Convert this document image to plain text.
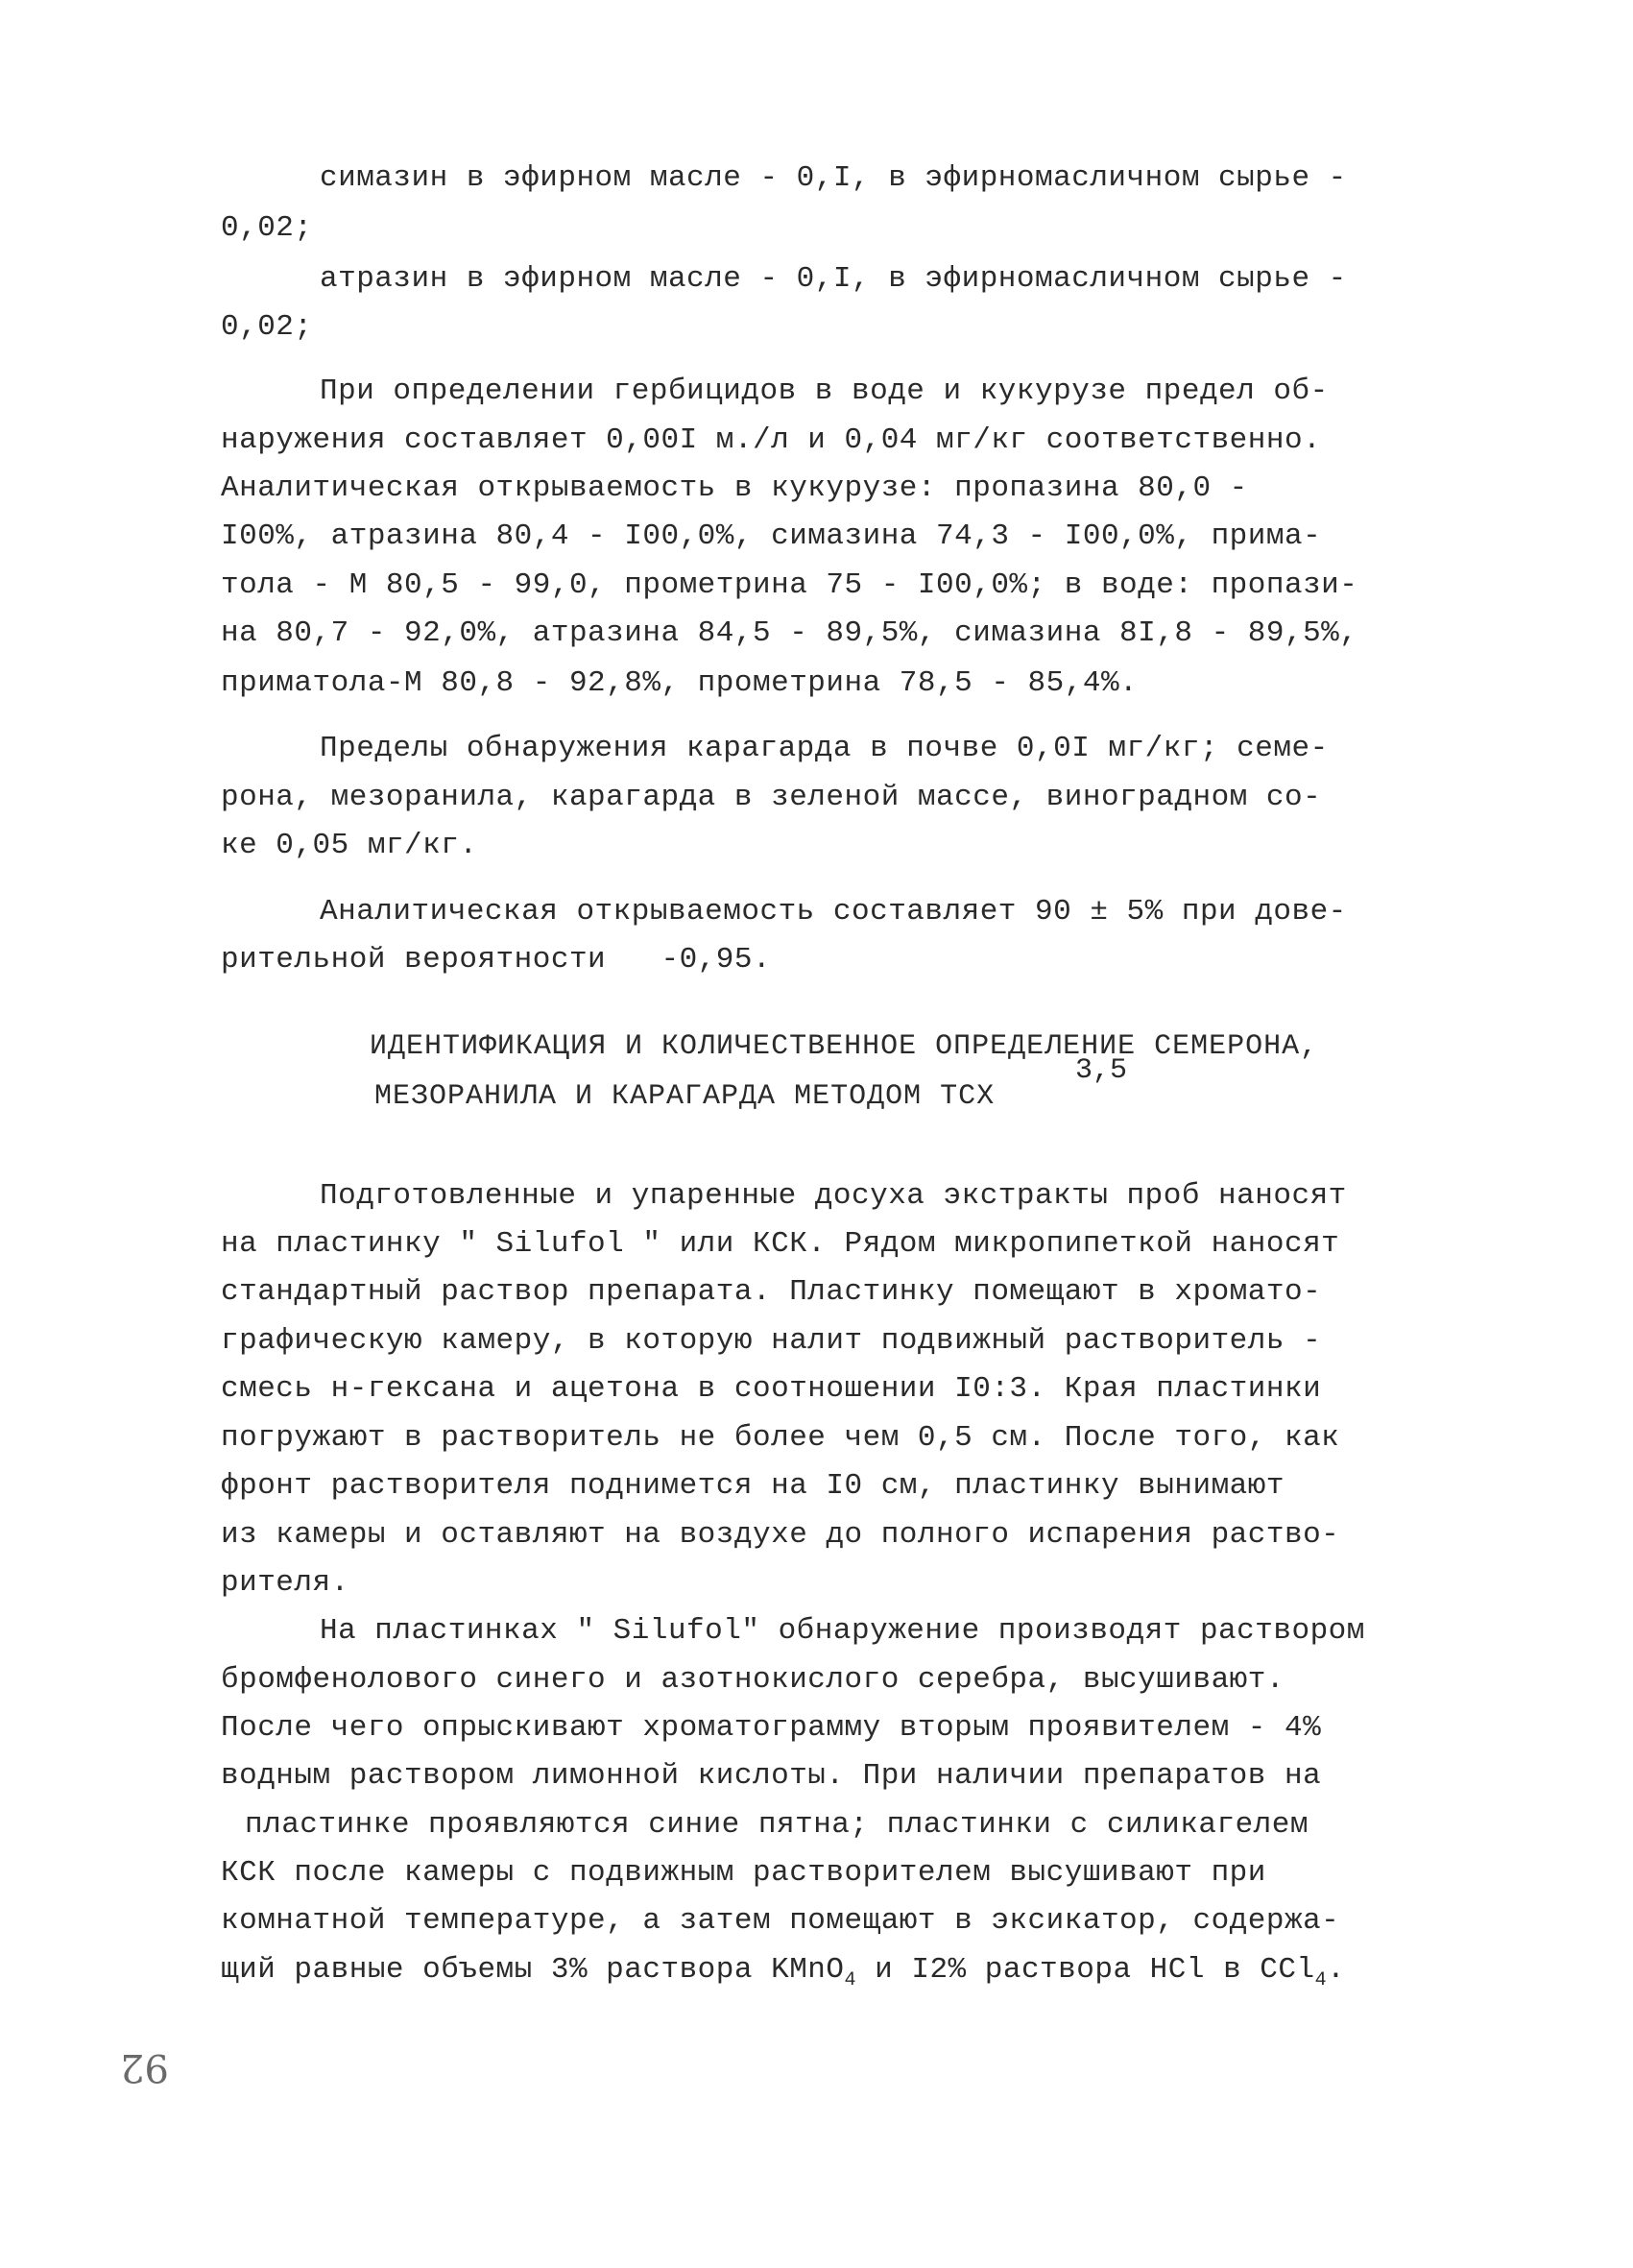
симазин в эфирном масле - 0,I, в эфирномасличном сырье -
0,02;
атразин в эфирном масле - 0,I, в эфирномасличном сырье -
0,02;
При определении гербицидов в воде и кукурузе предел об-
наружения составляет 0,00I м./л и 0,04 мг/кг соответственно.
Аналитическая открываемость в кукурузе: пропазина 80,0 -
I00%, атразина 80,4 - I00,0%, симазина 74,3 - I00,0%, прима-
тола - М 80,5 - 99,0, прометрина 75 - I00,0%; в воде: пропази-
на 80,7 - 92,0%, атразина 84,5 - 89,5%, симазина 8I,8 - 89,5%,
приматола-М 80,8 - 92,8%, прометрина 78,5 - 85,4%.
Пределы обнаружения карагарда в почве 0,0I мг/кг; семе-
рона, мезоранила, карагарда в зеленой массе, виноградном со-
ке 0,05 мг/кг.
Аналитическая открываемость составляет 90 ± 5% при дове-
рительной вероятности   -0,95.
ИДЕНТИФИКАЦИЯ И КОЛИЧЕСТВЕННОЕ ОПРЕДЕЛЕНИЕ СЕМЕРОНА,
МЕЗОРАНИЛА И КАРАГАРДА МЕТОДОМ ТСХ
3,5
Подготовленные и упаренные досуха экстракты проб наносят
на пластинку " Silufol " или КСК. Рядом микропипеткой наносят
стандартный раствор препарата. Пластинку помещают в хромато-
графическую камеру, в которую налит подвижный растворитель -
смесь н-гексана и ацетона в соотношении I0:3. Края пластинки
погружают в растворитель не более чем 0,5 см. После того, как
фронт растворителя поднимется на I0 см, пластинку вынимают
из камеры и оставляют на воздухе до полного испарения раство-
рителя.
На пластинках " Silufol" обнаружение производят раствором
бромфенолового синего и азотнокислого серебра, высушивают.
После чего опрыскивают хроматограмму вторым проявителем - 4%
водным раствором лимонной кислоты. При наличии препаратов на
пластинке проявляются синие пятна; пластинки с силикагелем
КСК после камеры с подвижным растворителем высушивают при
комнатной температуре, а затем помещают в эксикатор, содержа-
щий равные объемы 3% раствора KMnO$_4$ и I2% раствора HCl в CCl$_4$.
92
